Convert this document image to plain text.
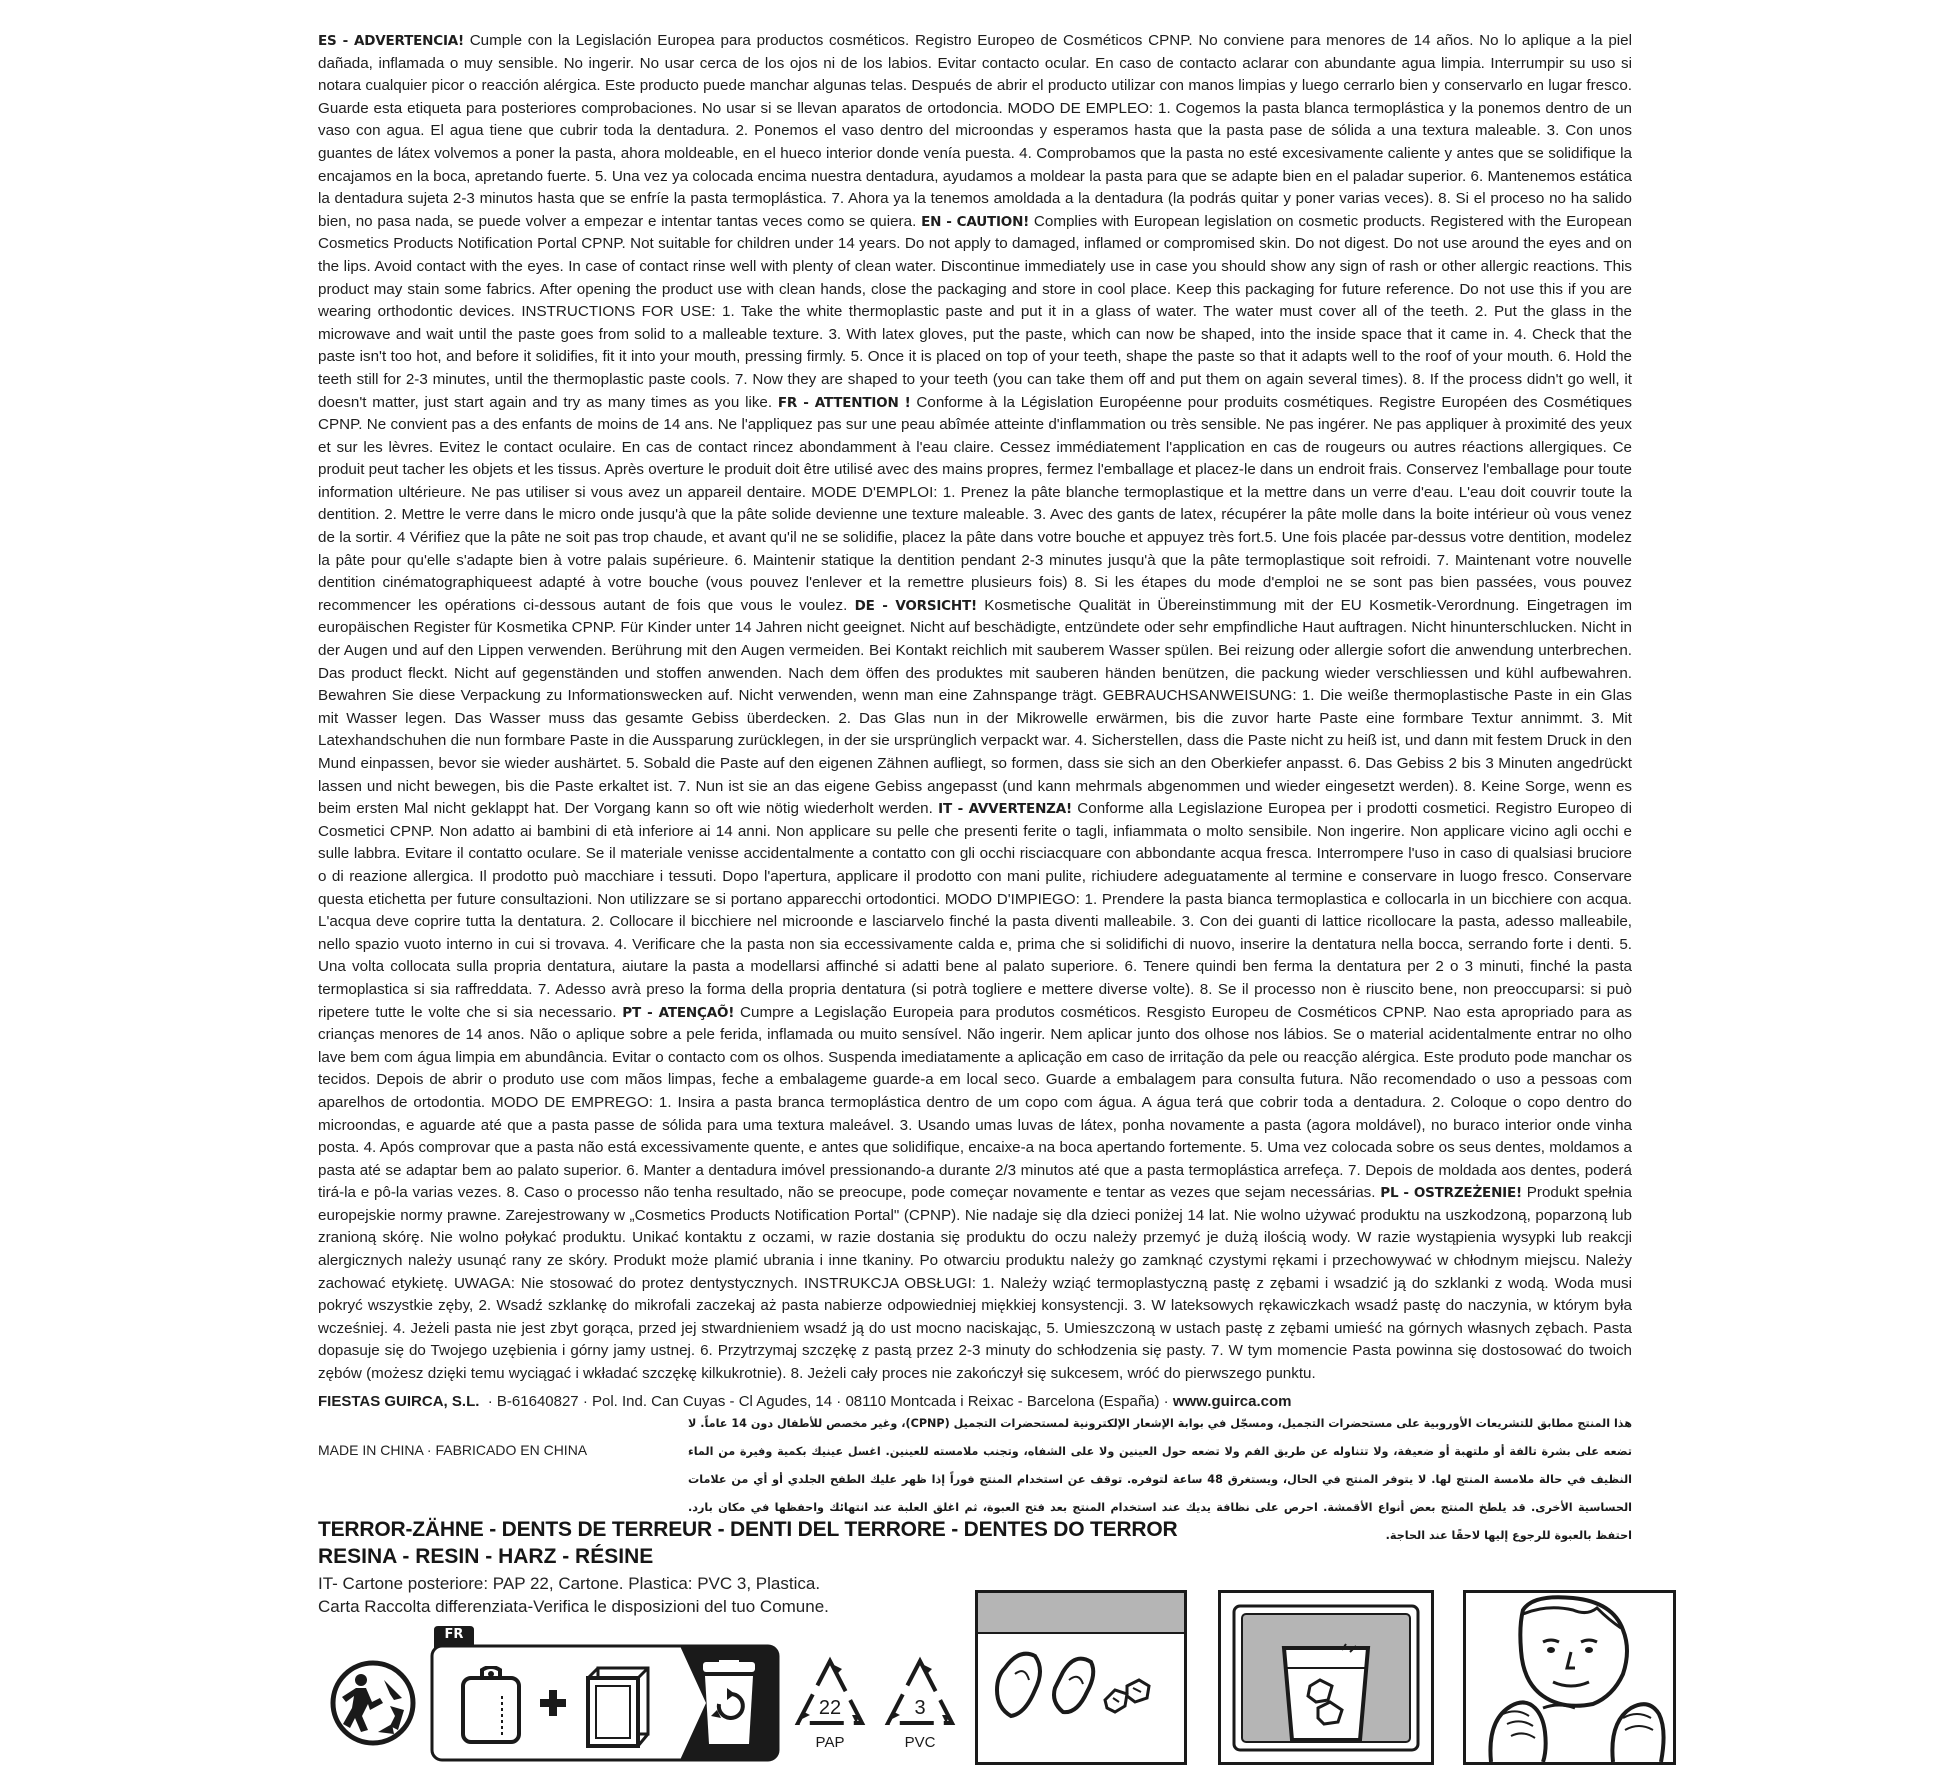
ES - ADVERTENCIA! Cumple con la Legislación Europea para productos cosméticos. Registro Europeo de Cosméticos CPNP. No conviene para menores de 14 años. No lo aplique a la piel dañada, inflamada o muy sensible. No ingerir. No usar cerca de los ojos ni de los labios. Evitar contacto ocular. En caso de contacto aclarar con abundante agua limpia. Interrumpir su uso si notara cualquier picor o reacción alérgica. Este producto puede manchar algunas telas. Después de abrir el producto utilizar con manos limpias y luego cerrarlo bien y conservarlo en lugar fresco. Guarde esta etiqueta para posteriores comprobaciones. No usar si se llevan aparatos de ortodoncia. MODO DE EMPLEO: 1. Cogemos la pasta blanca termoplástica y la ponemos dentro de un vaso con agua. El agua tiene que cubrir toda la dentadura. 2. Ponemos el vaso dentro del microondas y esperamos hasta que la pasta pase de sólida a una textura maleable. 3. Con unos guantes de látex volvemos a poner la pasta, ahora moldeable, en el hueco interior donde venía puesta. 4. Comprobamos que la pasta no esté excesivamente caliente y antes que se solidifique la encajamos en la boca, apretando fuerte. 5. Una vez ya colocada encima nuestra dentadura, ayudamos a moldear la pasta para que se adapte bien en el paladar superior. 6. Mantenemos estática la dentadura sujeta 2-3 minutos hasta que se enfríe la pasta termoplástica. 7. Ahora ya la tenemos amoldada a la dentadura (la podrás quitar y poner varias veces). 8. Si el proceso no ha salido bien, no pasa nada, se puede volver a empezar e intentar tantas veces como se quiera. EN - CAUTION! Complies with European legislation on cosmetic products. Registered with the European Cosmetics Products Notification Portal CPNP. Not suitable for children under 14 years. Do not apply to damaged, inflamed or compromised skin. Do not digest. Do not use around the eyes and on the lips. Avoid contact with the eyes. In case of contact rinse well with plenty of clean water. Discontinue immediately use in case you should show any sign of rash or other allergic reactions. This product may stain some fabrics. After opening the product use with clean hands, close the packaging and store in cool place. Keep this packaging for future reference. Do not use this if you are wearing orthodontic devices. INSTRUCTIONS FOR USE: 1. Take the white thermoplastic paste and put it in a glass of water. The water must cover all of the teeth. 2. Put the glass in the microwave and wait until the paste goes from solid to a malleable texture. 3. With latex gloves, put the paste, which can now be shaped, into the inside space that it came in. 4. Check that the paste isn't too hot, and before it solidifies, fit it into your mouth, pressing firmly. 5. Once it is placed on top of your teeth, shape the paste so that it adapts well to the roof of your mouth. 6. Hold the teeth still for 2-3 minutes, until the thermoplastic paste cools. 7. Now they are shaped to your teeth (you can take them off and put them on again several times). 8. If the process didn't go well, it doesn't matter, just start again and try as many times as you like. FR - ATTENTION ! Conforme à la Législation Européenne pour produits cosmétiques. Registre Européen des Cosmétiques CPNP. Ne convient pas a des enfants de moins de 14 ans. Ne l'appliquez pas sur une peau abîmée atteinte d'inflammation ou très sensible. Ne pas ingérer. Ne pas appliquer à proximité des yeux et sur les lèvres. Evitez le contact oculaire. En cas de contact rincez abondamment à l'eau claire. Cessez immédiatement l'application en cas de rougeurs ou autres réactions allergiques. Ce produit peut tacher les objets et les tissus. Après overture le produit doit être utilisé avec des mains propres, fermez l'emballage et placez-le dans un endroit frais. Conservez l'emballage pour toute information ultérieure. Ne pas utiliser si vous avez un appareil dentaire. MODE D'EMPLOI: 1. Prenez la pâte blanche termoplastique et la mettre dans un verre d'eau. L'eau doit couvrir toute la dentition. 2. Mettre le verre dans le micro onde jusqu'à que la pâte solide devienne une texture maleable. 3. Avec des gants de latex, récupérer la pâte molle dans la boite intérieur où vous venez de la sortir. 4 Vérifiez que la pâte ne soit pas trop chaude, et avant qu'il ne se solidifie, placez la pâte dans votre bouche et appuyez très fort.5. Une fois placée par-dessus votre dentition, modelez la pâte pour qu'elle s'adapte bien à votre palais supérieure. 6. Maintenir statique la dentition pendant 2-3 minutes jusqu'à que la pâte termoplastique soit refroidi. 7. Maintenant votre nouvelle dentition cinématographiqueest adapté à votre bouche (vous pouvez l'enlever et la remettre plusieurs fois) 8. Si les étapes du mode d'emploi ne se sont pas bien passées, vous pouvez recommencer les opérations ci-dessous autant de fois que vous le voulez. DE - VORSICHT! Kosmetische Qualität in Übereinstimmung mit der EU Kosmetik-Verordnung. Eingetragen im europäischen Register für Kosmetika CPNP. Für Kinder unter 14 Jahren nicht geeignet. Nicht auf beschädigte, entzündete oder sehr empfindliche Haut auftragen. Nicht hinunterschlucken. Nicht in der Augen und auf den Lippen verwenden. Berührung mit den Augen vermeiden. Bei Kontakt reichlich mit sauberem Wasser spülen. Bei reizung oder allergie sofort die anwendung unterbrechen. Das product fleckt. Nicht auf gegenständen und stoffen anwenden. Nach dem öffen des produktes mit sauberen händen benützen, die packung wieder verschliessen und kühl aufbewahren. Bewahren Sie diese Verpackung zu Informationswecken auf. Nicht verwenden, wenn man eine Zahnspange trägt. GEBRAUCHSANWEISUNG: 1. Die weiße thermoplastische Paste in ein Glas mit Wasser legen. Das Wasser muss das gesamte Gebiss überdecken. 2. Das Glas nun in der Mikrowelle erwärmen, bis die zuvor harte Paste eine formbare Textur annimmt. 3. Mit Latexhandschuhen die nun formbare Paste in die Aussparung zurücklegen, in der sie ursprünglich verpackt war. 4. Sicherstellen, dass die Paste nicht zu heiß ist, und dann mit festem Druck in den Mund einpassen, bevor sie wieder aushärtet. 5. Sobald die Paste auf den eigenen Zähnen aufliegt, so formen, dass sie sich an den Oberkiefer anpasst. 6. Das Gebiss 2 bis 3 Minuten angedrückt lassen und nicht bewegen, bis die Paste erkaltet ist. 7. Nun ist sie an das eigene Gebiss angepasst (und kann mehrmals abgenommen und wieder eingesetzt werden). 8. Keine Sorge, wenn es beim ersten Mal nicht geklappt hat. Der Vorgang kann so oft wie nötig wiederholt werden. IT - AVVERTENZA! Conforme alla Legislazione Europea per i prodotti cosmetici. Registro Europeo di Cosmetici CPNP. Non adatto ai bambini di età inferiore ai 14 anni. Non applicare su pelle che presenti ferite o tagli, infiammata o molto sensibile. Non ingerire. Non applicare vicino agli occhi e sulle labbra. Evitare il contatto oculare. Se il materiale venisse accidentalmente a contatto con gli occhi risciacquare con abbondante acqua fresca. Interrompere l'uso in caso di qualsiasi bruciore o di reazione allergica. Il prodotto può macchiare i tessuti. Dopo l'apertura, applicare il prodotto con mani pulite, richiudere adeguatamente al termine e conservare in luogo fresco. Conservare questa etichetta per future consultazioni. Non utilizzare se si portano apparecchi ortodontici. MODO D'IMPIEGO: 1. Prendere la pasta bianca termoplastica e collocarla in un bicchiere con acqua. L'acqua deve coprire tutta la dentatura. 2. Collocare il bicchiere nel microonde e lasciarvelo finché la pasta diventi malleabile. 3. Con dei guanti di lattice ricollocare la pasta, adesso malleabile, nello spazio vuoto interno in cui si trovava. 4. Verificare che la pasta non sia eccessivamente calda e, prima che si solidifichi di nuovo, inserire la dentatura nella bocca, serrando forte i denti. 5. Una volta collocata sulla propria dentatura, aiutare la pasta a modellarsi affinché si adatti bene al palato superiore. 6. Tenere quindi ben ferma la dentatura per 2 o 3 minuti, finché la pasta termoplastica si sia raffreddata. 7. Adesso avrà preso la forma della propria dentatura (si potrà togliere e mettere diverse volte). 8. Se il processo non è riuscito bene, non preoccuparsi: si può ripetere tutte le volte che si sia necessario. PT - ATENÇAÕ! Cumpre a Legislação Europeia para produtos cosméticos. Resgisto Europeu de Cosméticos CPNP. Nao esta apropriado para as crianças menores de 14 anos. Não o aplique sobre a pele ferida, inflamada ou muito sensível. Não ingerir. Nem aplicar junto dos olhose nos lábios. Se o material acidentalmente entrar no olho lave bem com água limpia em abundância. Evitar o contacto com os olhos. Suspenda imediatamente a aplicação em caso de irritação da pele ou reacção alérgica. Este produto pode manchar os tecidos. Depois de abrir o produto use com mãos limpas, feche a embalageme guarde-a em local seco. Guarde a embalagem para consulta futura. Não recomendado o uso a pessoas com aparelhos de ortodontia. MODO DE EMPREGO: 1. Insira a pasta branca termoplástica dentro de um copo com água. A água terá que cobrir toda a dentadura. 2. Coloque o copo dentro do microondas, e aguarde até que a pasta passe de sólida para uma textura maleável. 3. Usando umas luvas de látex, ponha novamente a pasta (agora moldável), no buraco interior onde vinha posta. 4. Após comprovar que a pasta não está excessivamente quente, e antes que solidifique, encaixe-a na boca apertando fortemente. 5. Uma vez colocada sobre os seus dentes, moldamos a pasta até se adaptar bem ao palato superior. 6. Manter a dentadura imóvel pressionando-a durante 2/3 minutos até que a pasta termoplástica arrefeça. 7. Depois de moldada aos dentes, poderá tirá-la e pô-la varias vezes. 8. Caso o processo não tenha resultado, não se preocupe, pode começar novamente e tentar as vezes que sejam necessárias. PL - OSTRZEŻENIE! Produkt spełnia europejskie normy prawne. Zarejestrowany w „Cosmetics Products Notification Portal" (CPNP). Nie nadaje się dla dzieci poniżej 14 lat. Nie wolno używać produktu na uszkodzoną, poparzoną lub zranioną skórę. Nie wolno połykać produktu. Unikać kontaktu z oczami, w razie dostania się produktu do oczu należy przemyć je dużą ilością wody. W razie wystąpienia wysypki lub reakcji alergicznych należy usunąć rany ze skóry. Produkt może plamić ubrania i inne tkaniny. Po otwarciu produktu należy go zamknąć czystymi rękami i przechowywać w chłodnym miejscu. Należy zachować etykietę. UWAGA: Nie stosować do protez dentystycznych. INSTRUKCJA OBSŁUGI: 1. Należy wziąć termoplastyczną pastę z zębami i wsadzić ją do szklanki z wodą. Woda musi pokryć wszystkie zęby, 2. Wsadź szklankę do mikrofali zaczekaj aż pasta nabierze odpowiedniej miękkiej konsystencji. 3. W lateksowych rękawiczkach wsadź pastę do naczynia, w którym była wcześniej. 4. Jeżeli pasta nie jest zbyt gorąca, przed jej stwardnieniem wsadź ją do ust mocno naciskając, 5. Umieszczoną w ustach pastę z zębami umieść na górnych własnych zębach. Pasta dopasuje się do Twojego uzębienia i górny jamy ustnej. 6. Przytrzymaj szczękę z pastą przez 2-3 minuty do schłodzenia się pasty. 7. W tym momencie Pasta powinna się dostosować do twoich zębów (możesz dzięki temu wyciągać i wkładać szczękę kilkukrotnie). 8. Jeżeli cały proces nie zakończył się sukcesem, wróć do pierwszego punktu.
FIESTAS GUIRCA, S.L. · B-61640827 · Pol. Ind. Can Cuyas - Cl Agudes, 14 · 08110 Montcada i Reixac - Barcelona (España) · www.guirca.com
MADE IN CHINA · FABRICADO EN CHINA
هذا المنتج مطابق للتشريعات الأوروبية على مستحضرات التجميل، ومسجّل في بوابة الإشعار الإلكترونية لمستحضرات التجميل (CPNP)، وغير مخصص للأطفال دون 14 عاماً. لا تضعه على بشرة تالفة أو ملتهبة أو ضعيفة، ولا تتناوله عن طريق الفم ولا تضعه حول العينين ولا على الشفاه، وتجنب ملامسته للعينين. اغسل عينيك بكمية وفيرة من الماء النظيف في حالة ملامسة المنتج لها. لا يتوفر المنتج في الحال، ويستغرق 48 ساعة لتوفره. توقف عن استخدام المنتج فوراً إذا ظهر عليك الطفح الجلدي أو أي من علامات الحساسية الأخرى. قد يلطخ المنتج بعض أنواع الأقمشة. احرص على نظافة يديك عند استخدام المنتج بعد فتح العبوة، ثم اغلق العلبة عند انتهائك واحفظها في مكان بارد. احتفظ بالعبوة للرجوع إليها لاحقًا عند الحاجة.
TERROR-ZÄHNE - DENTS DE TERREUR - DENTI DEL TERRORE - DENTES DO TERROR
RESINA - RESIN - HARZ - RÉSINE
IT- Cartone posteriore: PAP 22, Cartone. Plastica: PVC 3, Plastica.
Carta Raccolta differenziata-Verifica le disposizioni del tuo Comune.
FR
22
PAP
3
PVC
